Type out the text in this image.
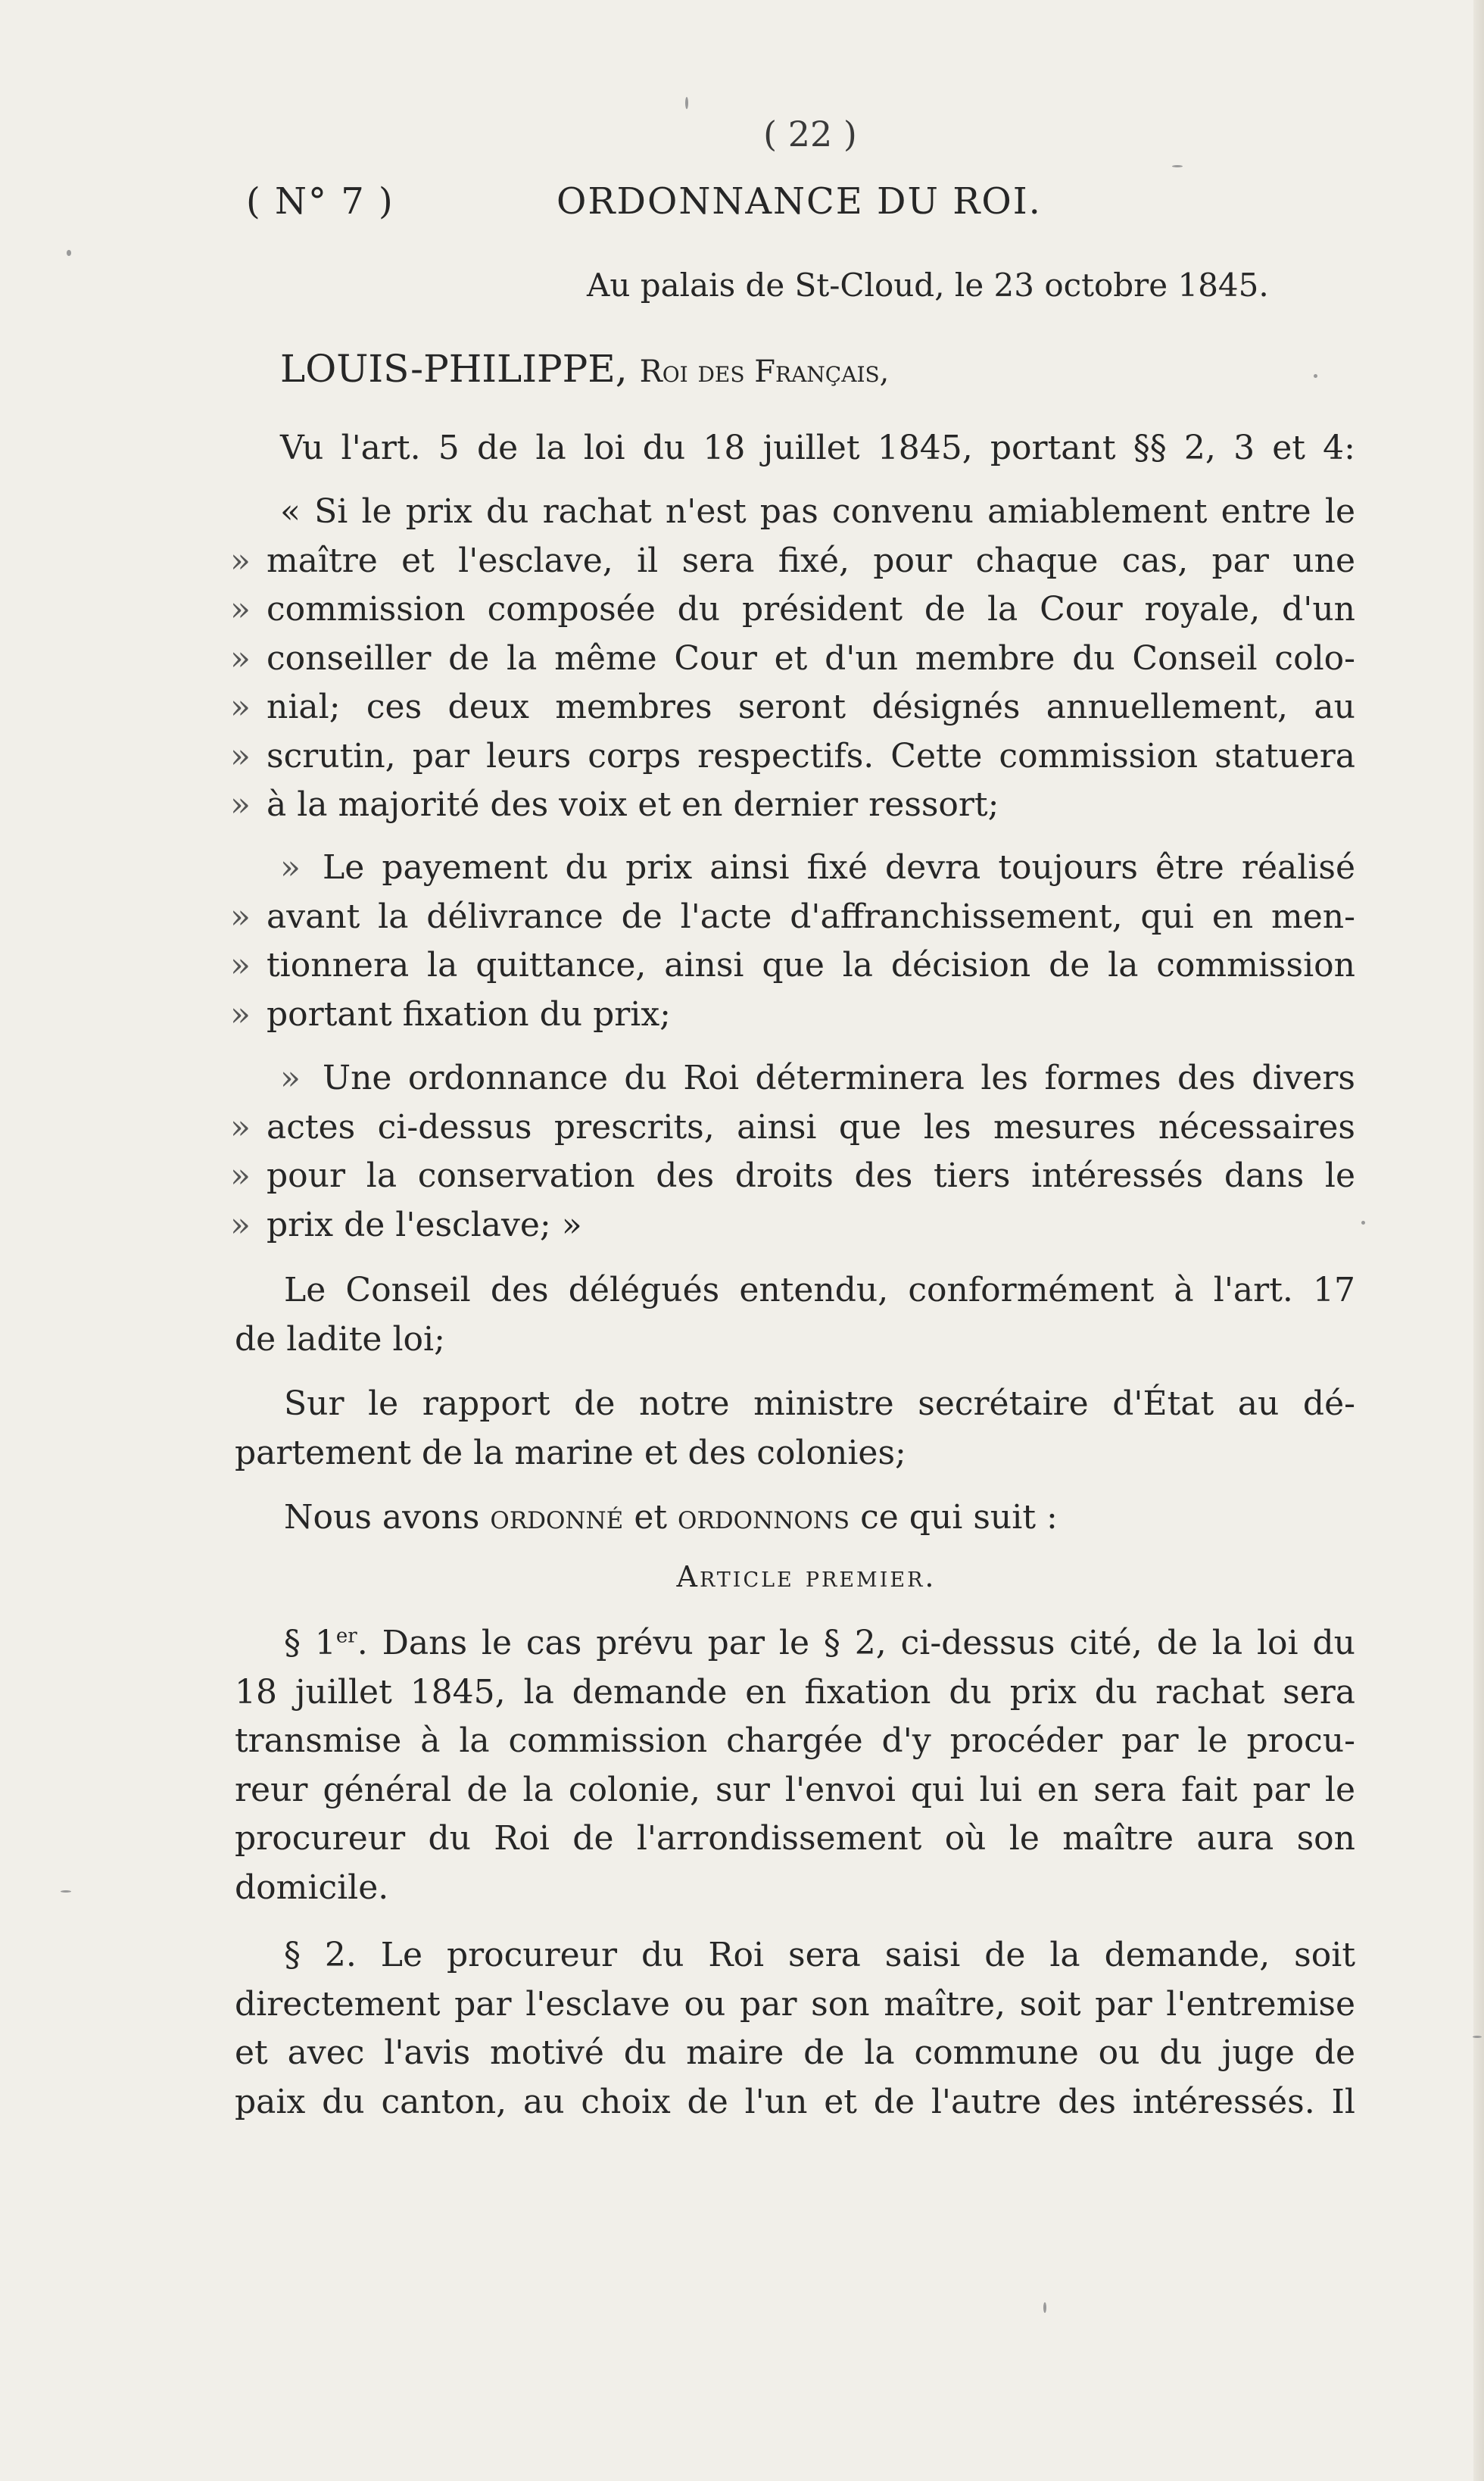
( 22 )
( N° 7 )	ORDONNANCE DU ROI.
Au palais de St-Cloud, le 23 octobre 1845.
LOUIS-PHILIPPE, Roi des Français,
Vu l'art. 5 de la loi du 18 juillet 1845, portant §§ 2, 3 et 4:
« Si le prix du rachat n'est pas convenu amiablement entre le
» maître et l'esclave, il sera fixé, pour chaque cas, par une
» commission composée du président de la Cour royale, d'un
» conseiller de la même Cour et d'un membre du Conseil colo-
» nial; ces deux membres seront désignés annuellement, au
» scrutin, par leurs corps respectifs. Cette commission statuera
» à la majorité des voix et en dernier ressort;
» Le payement du prix ainsi fixé devra toujours être réalisé
» avant la délivrance de l'acte d'affranchissement, qui en men-
» tionnera la quittance, ainsi que la décision de la commission
» portant fixation du prix;
» Une ordonnance du Roi déterminera les formes des divers
» actes ci-dessus prescrits, ainsi que les mesures nécessaires
» pour la conservation des droits des tiers intéressés dans le
» prix de l'esclave; »
Le Conseil des délégués entendu, conformément à l'art. 17
de ladite loi;
Sur le rapport de notre ministre secrétaire d'État au dé-
partement de la marine et des colonies;
Nous avons ordonné et ordonnons ce qui suit :
Article premier.
§ 1er. Dans le cas prévu par le § 2, ci-dessus cité, de la loi du
18 juillet 1845, la demande en fixation du prix du rachat sera
transmise à la commission chargée d'y procéder par le procu-
reur général de la colonie, sur l'envoi qui lui en sera fait par le
procureur du Roi de l'arrondissement où le maître aura son
domicile.
§ 2. Le procureur du Roi sera saisi de la demande, soit
directement par l'esclave ou par son maître, soit par l'entremise
et avec l'avis motivé du maire de la commune ou du juge de
paix du canton, au choix de l'un et de l'autre des intéressés. Il
